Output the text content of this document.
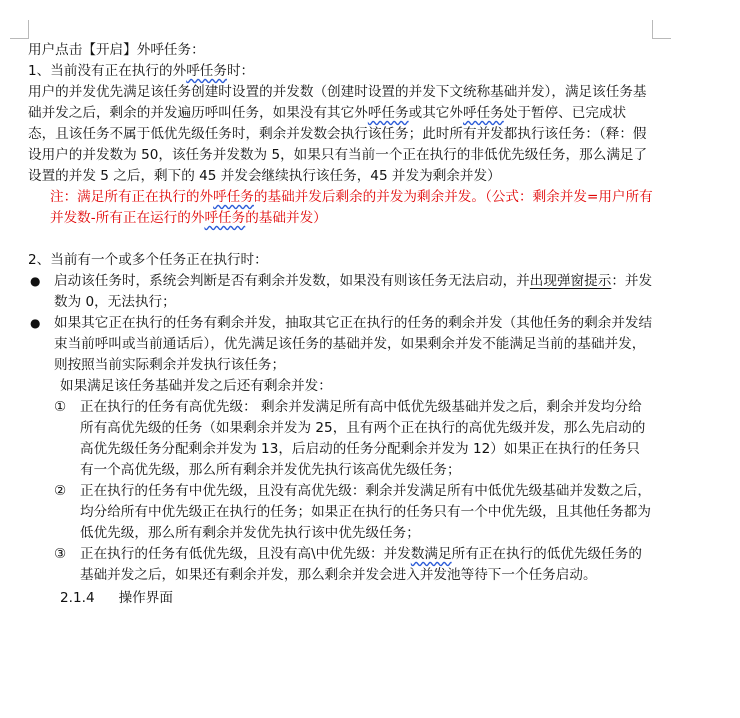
用户点击【开启】外呼任务：

1、当前没有正在执行的外呼任务时：

用户的并发优先满足该任务创建时设置的并发数（创建时设置的并发下文统称基础并发），满足该任务基础并发之后，剩余的并发遍历呼叫任务，如果没有其它外呼任务或其它外呼任务处于暂停、已完成状态，且该任务不属于低优先级任务时，剩余并发数会执行该任务；此时所有并发都执行该任务：（释：假设用户的并发数为 50，该任务并发数为 5，如果只有当前一个正在执行的非低优先级任务，那么满足了设置的并发 5 之后，剩下的 45 并发会继续执行该任务，45 并发为剩余并发）

注：满足所有正在执行的外呼任务的基础并发后剩余的并发为剩余并发。（公式：剩余并发=用户所有并发数-所有正在运行的外呼任务的基础并发）

2、当前有一个或多个任务正在执行时：

● 启动该任务时，系统会判断是否有剩余并发数，如果没有则该任务无法启动，并出现弹窗提示：并发数为 0，无法执行；

● 如果其它正在执行的任务有剩余并发，抽取其它正在执行的任务的剩余并发（其他任务的剩余并发结束当前呼叫或当前通话后），优先满足该任务的基础并发，如果剩余并发不能满足当前的基础并发，则按照当前实际剩余并发执行该任务；

如果满足该任务基础并发之后还有剩余并发：

① 正在执行的任务有高优先级： 剩余并发满足所有高中低优先级基础并发之后，剩余并发均分给所有高优先级的任务（如果剩余并发为 25，且有两个正在执行的高优先级并发，那么先启动的高优先级任务分配剩余并发为 13，后启动的任务分配剩余并发为 12）如果正在执行的任务只有一个高优先级，那么所有剩余并发优先执行该高优先级任务；

② 正在执行的任务有中优先级，且没有高优先级：剩余并发满足所有中低优先级基础并发数之后，均分给所有中优先级正在执行的任务；如果正在执行的任务只有一个中优先级，且其他任务都为低优先级，那么所有剩余并发优先执行该中优先级任务；

③ 正在执行的任务有低优先级，且没有高\中优先级：并发数满足所有正在执行的低优先级任务的基础并发之后，如果还有剩余并发，那么剩余并发会进入并发池等待下一个任务启动。

2.1.4 操作界面
